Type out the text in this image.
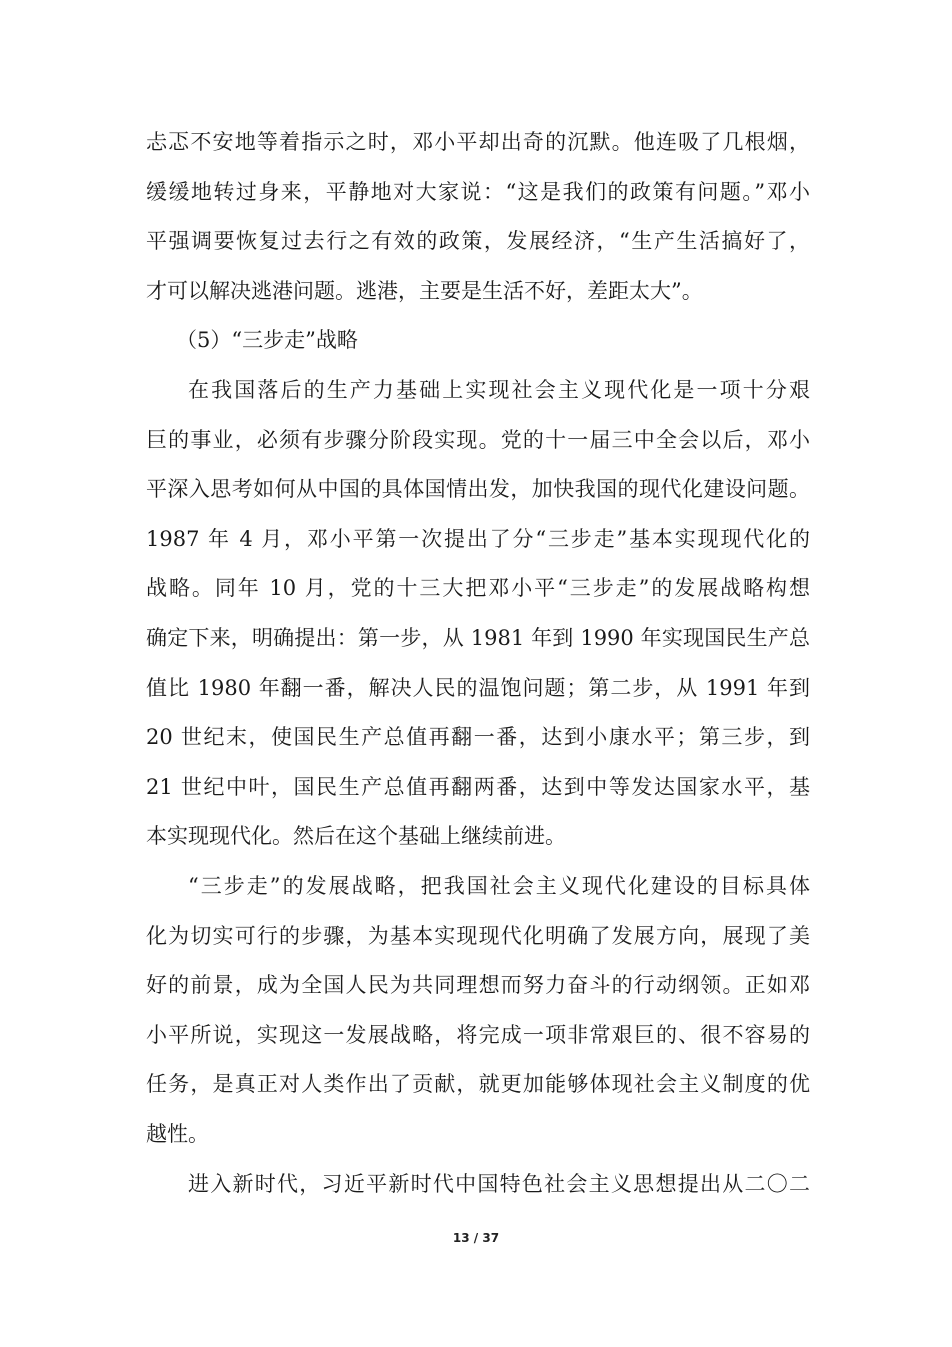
忐忑不安地等着指示之时，邓小平却出奇的沉默。他连吸了几根烟，
缓缓地转过身来，平静地对大家说：“这是我们的政策有问题。”邓小
平强调要恢复过去行之有效的政策，发展经济，“生产生活搞好了，
才可以解决逃港问题。逃港，主要是生活不好，差距太大”。
（5）“三步走”战略
在我国落后的生产力基础上实现社会主义现代化是一项十分艰
巨的事业，必须有步骤分阶段实现。党的十一届三中全会以后，邓小
平深入思考如何从中国的具体国情出发，加快我国的现代化建设问题。
1987 年 4 月，邓小平第一次提出了分“三步走”基本实现现代化的
战略。同年 10 月，党的十三大把邓小平“三步走”的发展战略构想
确定下来，明确提出：第一步，从 1981 年到 1990 年实现国民生产总
值比 1980 年翻一番，解决人民的温饱问题；第二步，从 1991 年到
20 世纪末，使国民生产总值再翻一番，达到小康水平；第三步，到
21 世纪中叶，国民生产总值再翻两番，达到中等发达国家水平，基
本实现现代化。然后在这个基础上继续前进。
“三步走”的发展战略，把我国社会主义现代化建设的目标具体
化为切实可行的步骤，为基本实现现代化明确了发展方向，展现了美
好的前景，成为全国人民为共同理想而努力奋斗的行动纲领。正如邓
小平所说，实现这一发展战略，将完成一项非常艰巨的、很不容易的
任务，是真正对人类作出了贡献，就更加能够体现社会主义制度的优
越性。
进入新时代，习近平新时代中国特色社会主义思想提出从二〇二
13 / 37
